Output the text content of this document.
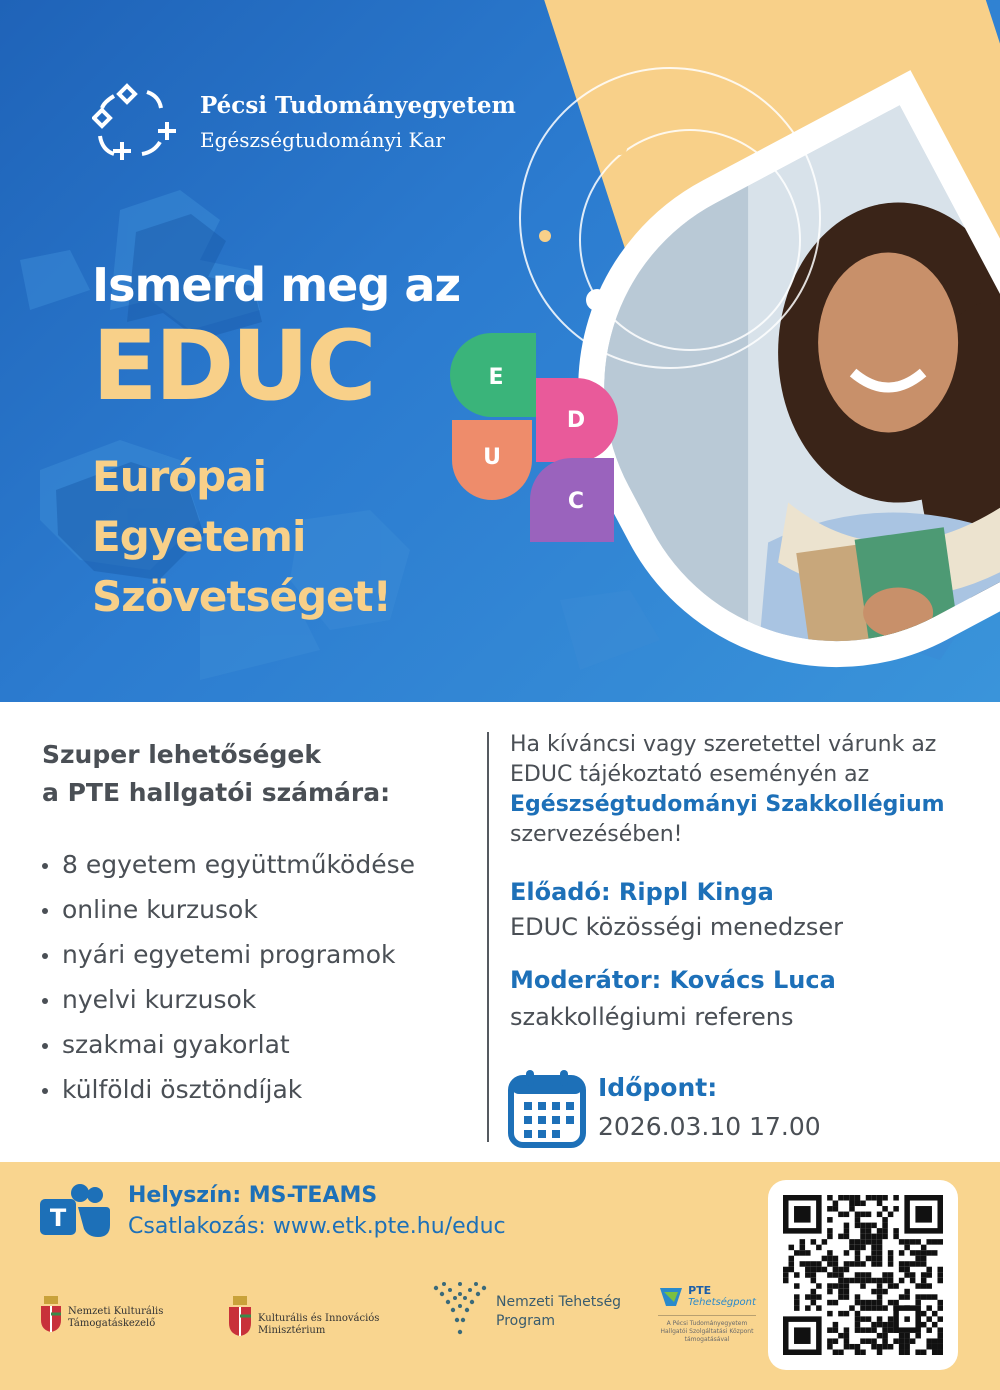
Pécsi Tudományegyetem
Egészségtudományi Kar
Ismerd meg az
EDUC
Európai
Egyetemi
Szövetséget!
E
D
U
C
Szuper lehetőségek
a PTE hallgatói számára:
8 egyetem együttműködése
online kurzusok
nyári egyetemi programok
nyelvi kurzusok
szakmai gyakorlat
külföldi ösztöndíjak
Ha kíváncsi vagy szeretettel várunk az
EDUC tájékoztató eseményén az
Egészségtudományi Szakkollégium
szervezésében!
Előadó: Rippl Kinga
EDUC közösségi menedzser
Moderátor: Kovács Luca
szakkollégiumi referens
Időpont:
2026.03.10 17.00
T
Helyszín: MS-TEAMS
Csatlakozás: www.etk.pte.hu/educ
Nemzeti Kulturális
Támogatáskezelő	Kulturális és Innovációs
Minisztérium
Nemzeti Tehetség
Program
PTE
Tehetségpont
A Pécsi Tudományegyetem Hallgatói Szolgáltatási Központ támogatásával
